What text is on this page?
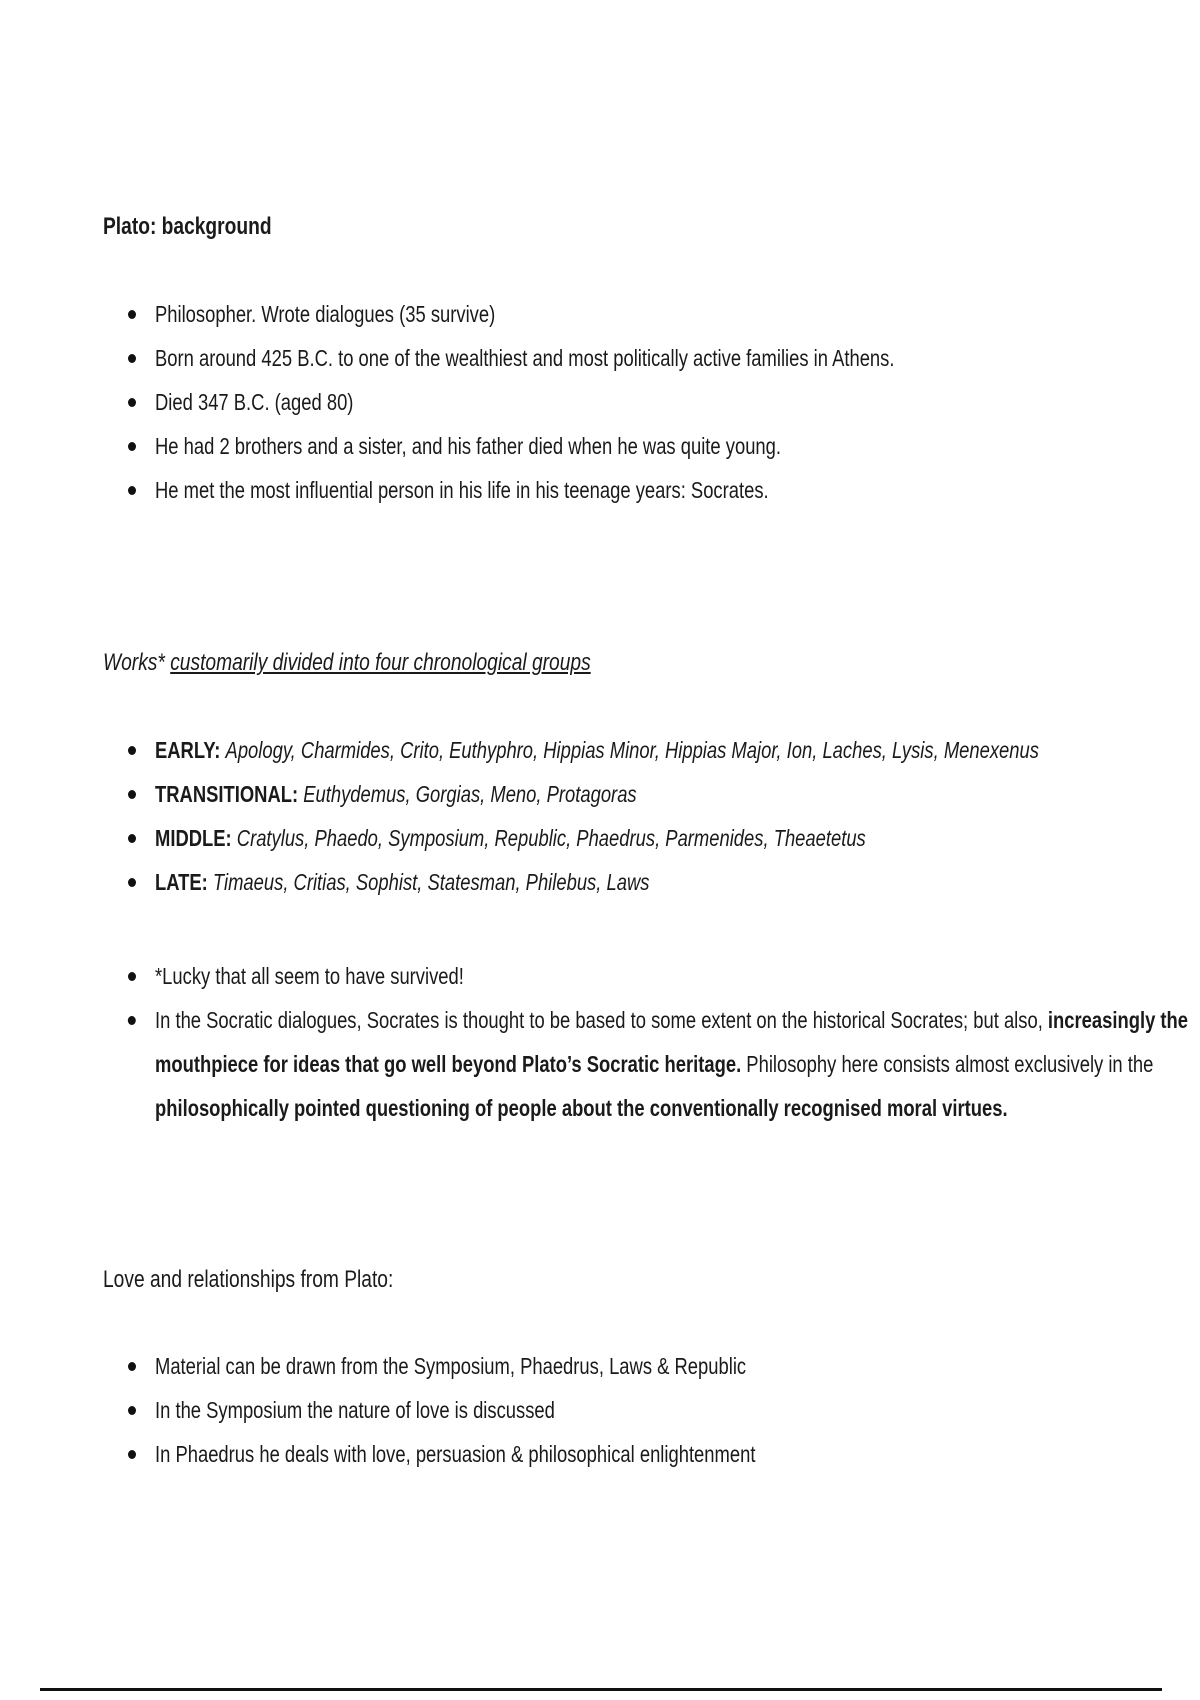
Plato: background
Philosopher. Wrote dialogues (35 survive)
Born around 425 B.C. to one of the wealthiest and most politically active families in Athens.
Died 347 B.C. (aged 80)
He had 2 brothers and a sister, and his father died when he was quite young.
He met the most influential person in his life in his teenage years: Socrates.
Works* customarily divided into four chronological groups
EARLY: Apology, Charmides, Crito, Euthyphro, Hippias Minor, Hippias Major, Ion, Laches, Lysis, Menexenus
TRANSITIONAL: Euthydemus, Gorgias, Meno, Protagoras
MIDDLE: Cratylus, Phaedo, Symposium, Republic, Phaedrus, Parmenides, Theaetetus
LATE: Timaeus, Critias, Sophist, Statesman, Philebus, Laws
*Lucky that all seem to have survived!
In the Socratic dialogues, Socrates is thought to be based to some extent on the historical Socrates; but also, increasingly the mouthpiece for ideas that go well beyond Plato’s Socratic heritage. Philosophy here consists almost exclusively in the philosophically pointed questioning of people about the conventionally recognised moral virtues.
Love and relationships from Plato:
Material can be drawn from the Symposium, Phaedrus, Laws & Republic
In the Symposium the nature of love is discussed
In Phaedrus he deals with love, persuasion & philosophical enlightenment
